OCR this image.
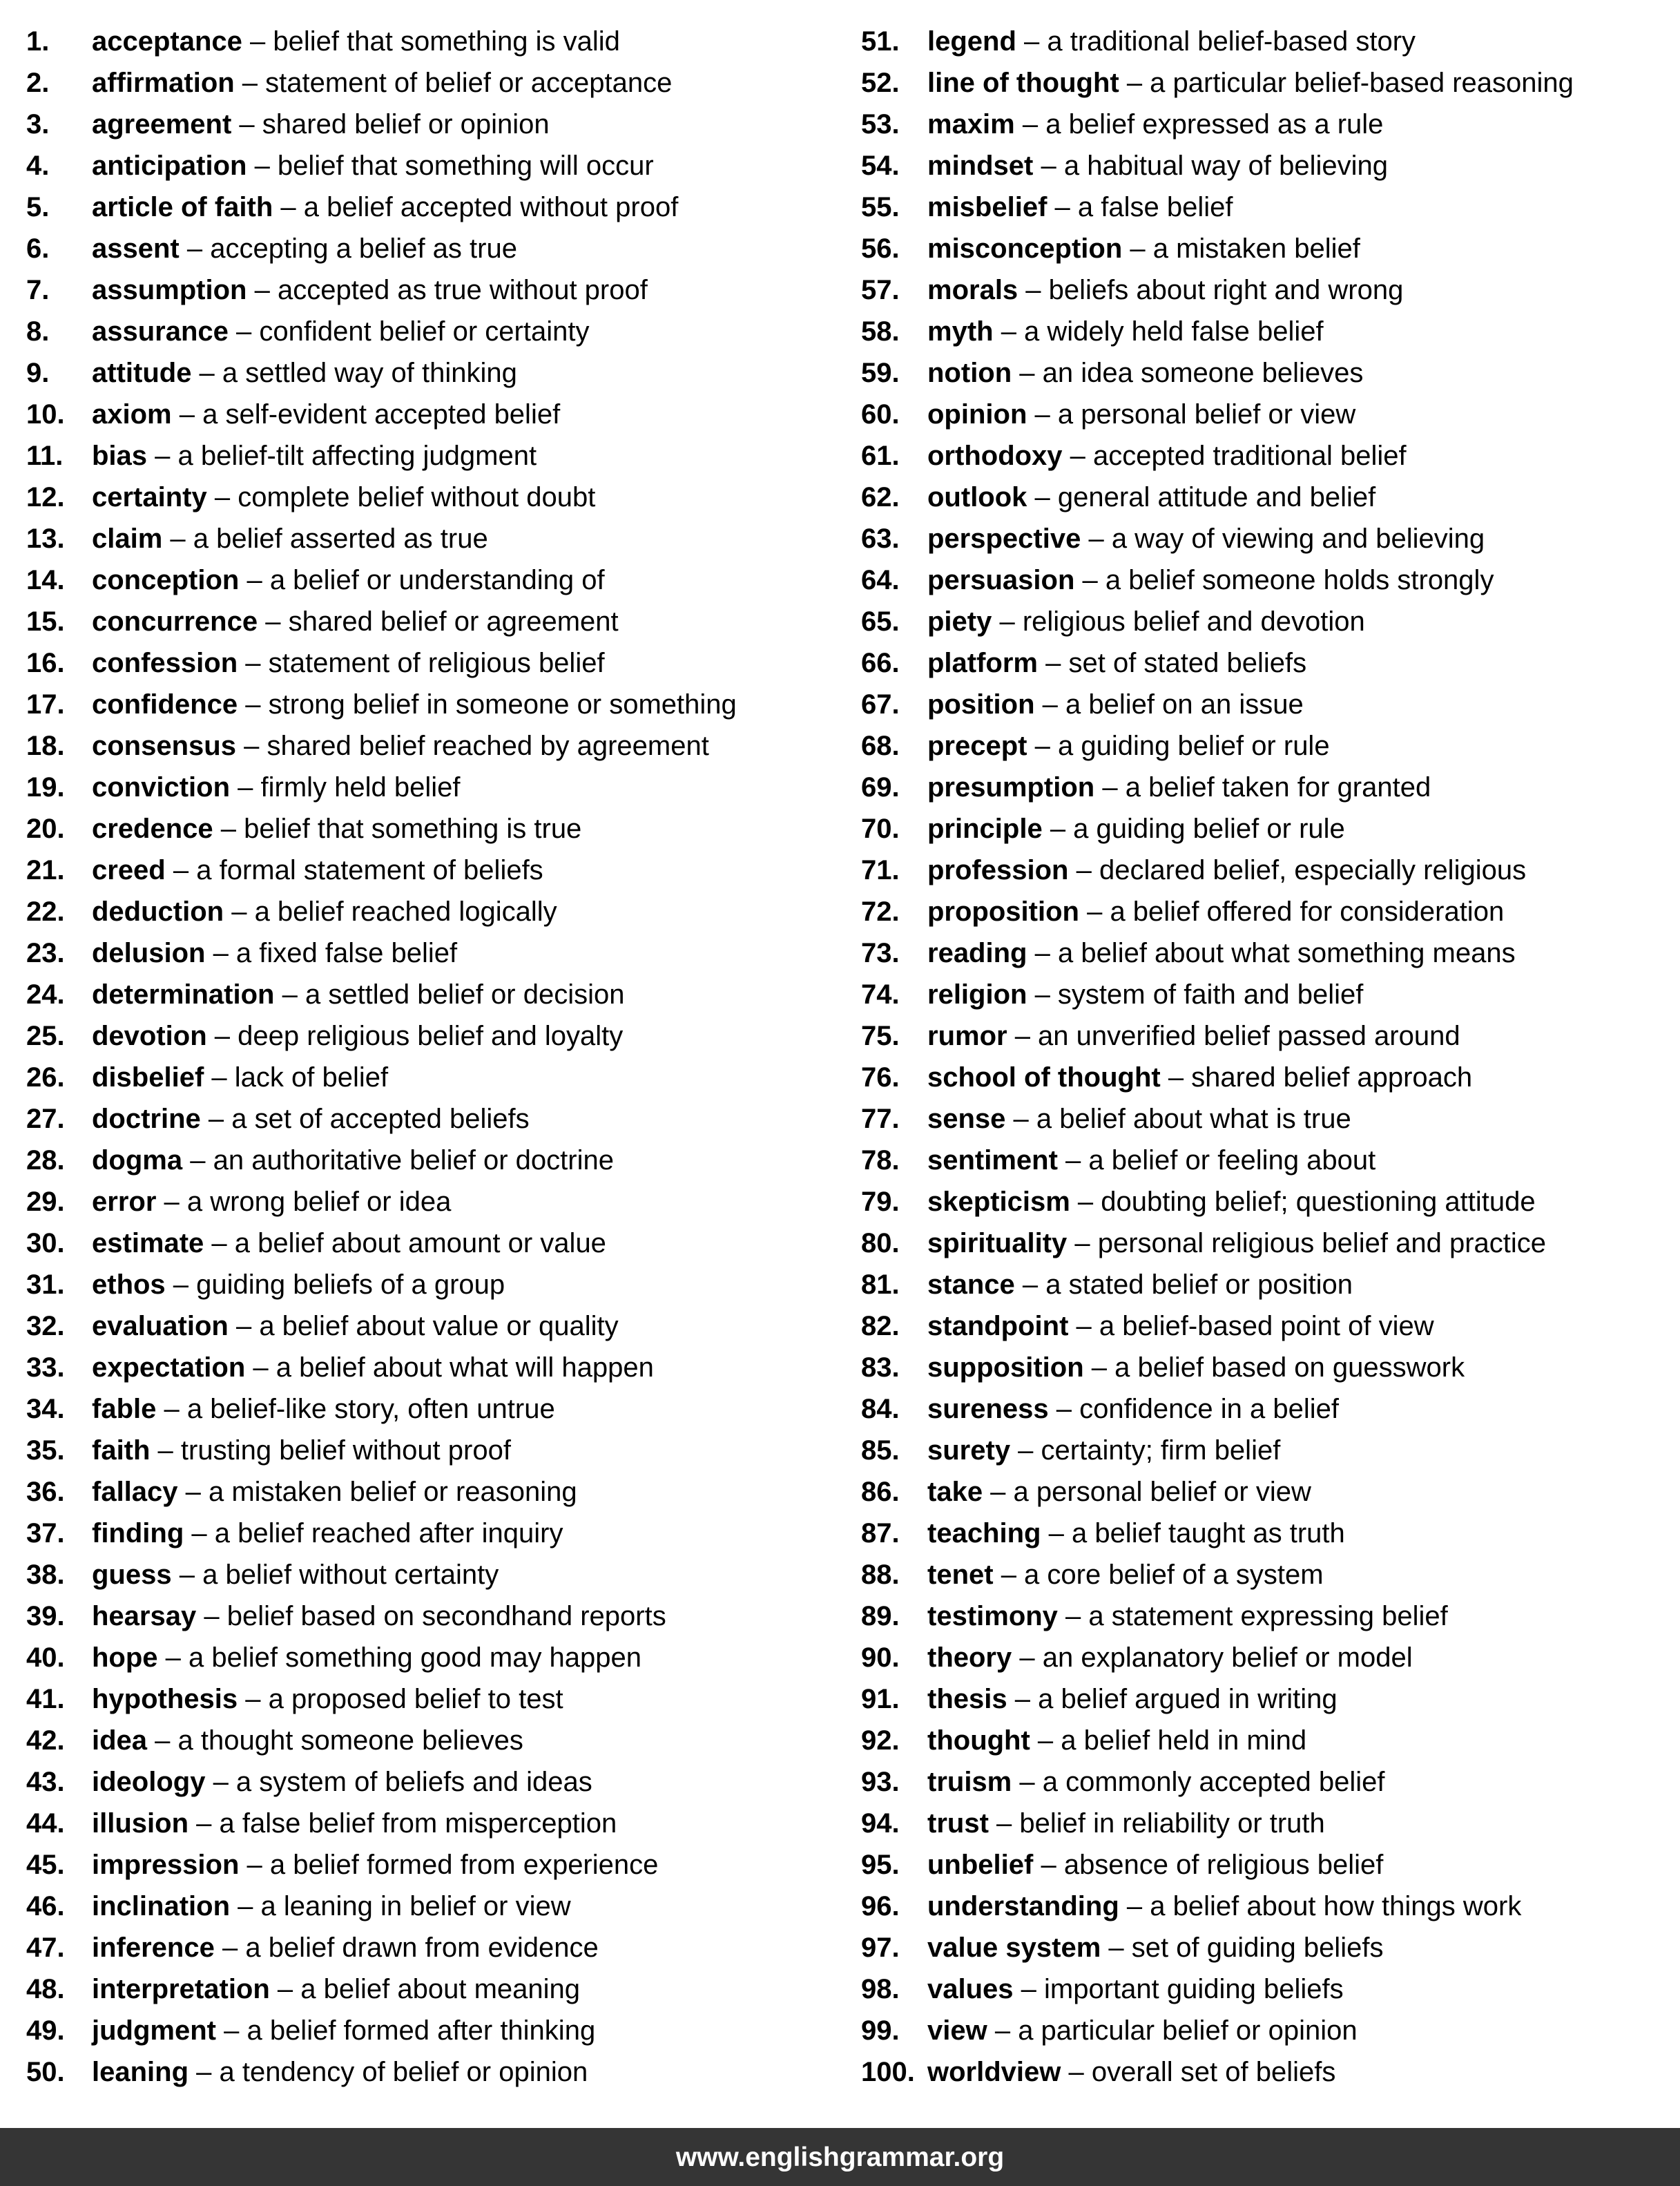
1. acceptance – belief that something is valid
2. affirmation – statement of belief or acceptance
3. agreement – shared belief or opinion
4. anticipation – belief that something will occur
5. article of faith – a belief accepted without proof
6. assent – accepting a belief as true
7. assumption – accepted as true without proof
8. assurance – confident belief or certainty
9. attitude – a settled way of thinking
10. axiom – a self-evident accepted belief
11. bias – a belief-tilt affecting judgment
12. certainty – complete belief without doubt
13. claim – a belief asserted as true
14. conception – a belief or understanding of
15. concurrence – shared belief or agreement
16. confession – statement of religious belief
17. confidence – strong belief in someone or something
18. consensus – shared belief reached by agreement
19. conviction – firmly held belief
20. credence – belief that something is true
21. creed – a formal statement of beliefs
22. deduction – a belief reached logically
23. delusion – a fixed false belief
24. determination – a settled belief or decision
25. devotion – deep religious belief and loyalty
26. disbelief – lack of belief
27. doctrine – a set of accepted beliefs
28. dogma – an authoritative belief or doctrine
29. error – a wrong belief or idea
30. estimate – a belief about amount or value
31. ethos – guiding beliefs of a group
32. evaluation – a belief about value or quality
33. expectation – a belief about what will happen
34. fable – a belief-like story, often untrue
35. faith – trusting belief without proof
36. fallacy – a mistaken belief or reasoning
37. finding – a belief reached after inquiry
38. guess – a belief without certainty
39. hearsay – belief based on secondhand reports
40. hope – a belief something good may happen
41. hypothesis – a proposed belief to test
42. idea – a thought someone believes
43. ideology – a system of beliefs and ideas
44. illusion – a false belief from misperception
45. impression – a belief formed from experience
46. inclination – a leaning in belief or view
47. inference – a belief drawn from evidence
48. interpretation – a belief about meaning
49. judgment – a belief formed after thinking
50. leaning – a tendency of belief or opinion
51. legend – a traditional belief-based story
52. line of thought – a particular belief-based reasoning
53. maxim – a belief expressed as a rule
54. mindset – a habitual way of believing
55. misbelief – a false belief
56. misconception – a mistaken belief
57. morals – beliefs about right and wrong
58. myth – a widely held false belief
59. notion – an idea someone believes
60. opinion – a personal belief or view
61. orthodoxy – accepted traditional belief
62. outlook – general attitude and belief
63. perspective – a way of viewing and believing
64. persuasion – a belief someone holds strongly
65. piety – religious belief and devotion
66. platform – set of stated beliefs
67. position – a belief on an issue
68. precept – a guiding belief or rule
69. presumption – a belief taken for granted
70. principle – a guiding belief or rule
71. profession – declared belief, especially religious
72. proposition – a belief offered for consideration
73. reading – a belief about what something means
74. religion – system of faith and belief
75. rumor – an unverified belief passed around
76. school of thought – shared belief approach
77. sense – a belief about what is true
78. sentiment – a belief or feeling about
79. skepticism – doubting belief; questioning attitude
80. spirituality – personal religious belief and practice
81. stance – a stated belief or position
82. standpoint – a belief-based point of view
83. supposition – a belief based on guesswork
84. sureness – confidence in a belief
85. surety – certainty; firm belief
86. take – a personal belief or view
87. teaching – a belief taught as truth
88. tenet – a core belief of a system
89. testimony – a statement expressing belief
90. theory – an explanatory belief or model
91. thesis – a belief argued in writing
92. thought – a belief held in mind
93. truism – a commonly accepted belief
94. trust – belief in reliability or truth
95. unbelief – absence of religious belief
96. understanding – a belief about how things work
97. value system – set of guiding beliefs
98. values – important guiding beliefs
99. view – a particular belief or opinion
100. worldview – overall set of beliefs
www.englishgrammar.org
